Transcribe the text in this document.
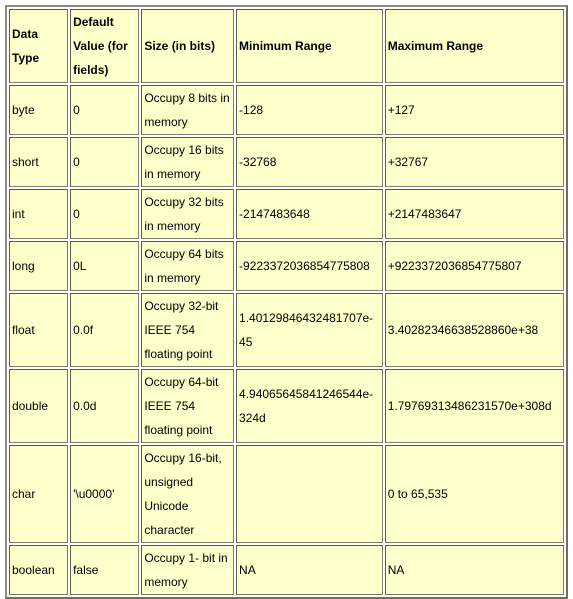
Data Type	Default Value (for fields)	Size (in bits)	Minimum Range	Maximum Range
byte	0	Occupy 8 bits in memory	-128	+127
short	0	Occupy 16 bits in memory	-32768	+32767
int	0	Occupy 32 bits in memory	-2147483648	+2147483647
long	0L	Occupy 64 bits in memory	-9223372036854775808	+9223372036854775807
float	0.0f	Occupy 32-bit IEEE 754 floating point	1.40129846432481707e-45	3.40282346638528860e+38
double	0.0d	Occupy 64-bit IEEE 754 floating point	4.94065645841246544e-324d	1.79769313486231570e+308d
char	'\u0000'	Occupy 16-bit, unsigned Unicode character		0 to 65,535
boolean	false	Occupy 1- bit in memory	NA	NA
